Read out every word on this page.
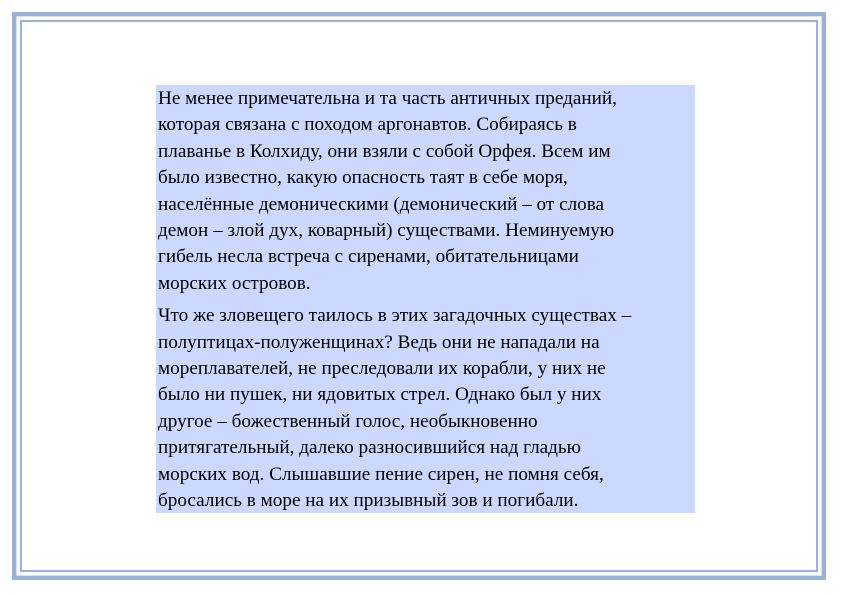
Не менее примечательна и та часть античных преданий,
которая связана с походом аргонавтов. Собираясь в
плаванье в Колхиду, они взяли с собой Орфея. Всем им
было известно, какую опасность таят в себе моря,
населённые демоническими (демонический – от слова
демон – злой дух, коварный) существами. Неминуемую
гибель несла встреча с сиренами, обитательницами
морских островов.

Что же зловещего таилось в этих загадочных существах –
полуптицах-полуженщинах? Ведь они не нападали на
мореплавателей, не преследовали их корабли, у них не
было ни пушек, ни ядовитых стрел. Однако был у них
другое – божественный голос, необыкновенно
притягательный, далеко разносившийся над гладью
морских вод. Слышавшие пение сирен, не помня себя,
бросались в море на их призывный зов и погибали.
